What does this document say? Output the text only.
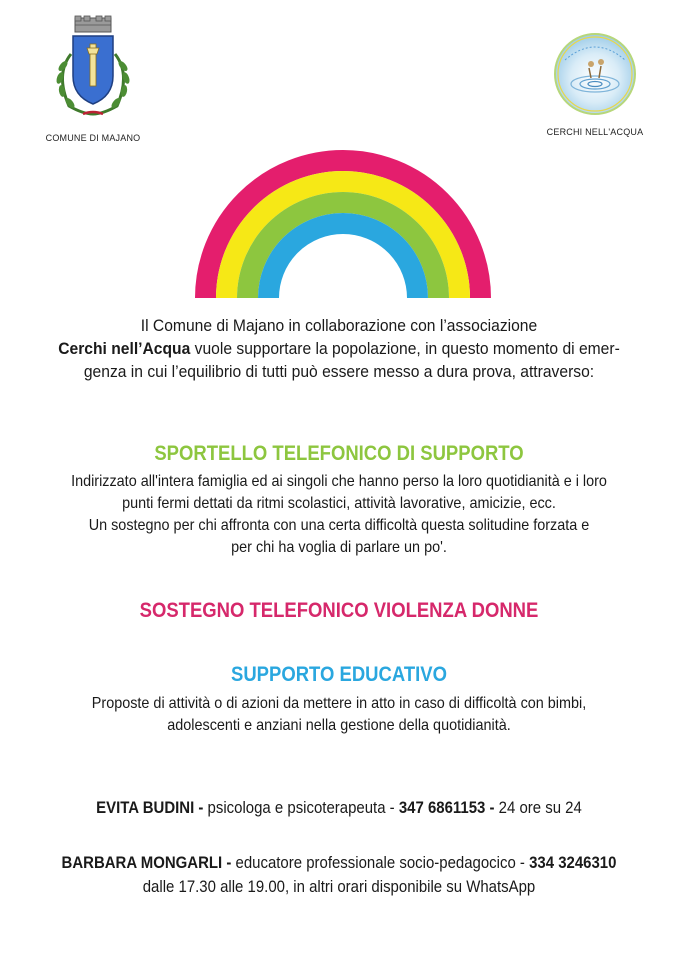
COMUNE DI MAJANO
CERCHI NELL'ACQUA
Il Comune di Majano in collaborazione con l’associazione
Cerchi nell’Acqua vuole supportare la popolazione, in questo momento di emer-
genza in cui l’equilibrio di tutti può essere messo a dura prova, attraverso:
SPORTELLO TELEFONICO DI SUPPORTO
Indirizzato all'intera famiglia ed ai singoli che hanno perso la loro quotidianità e i loro
punti fermi dettati da ritmi scolastici, attività lavorative, amicizie, ecc.
Un sostegno per chi affronta con una certa difficoltà questa solitudine forzata e
per chi ha voglia di parlare un po'.
SOSTEGNO TELEFONICO VIOLENZA DONNE
SUPPORTO EDUCATIVO
Proposte di attività o di azioni da mettere in atto in caso di difficoltà con bimbi,
adolescenti e anziani nella gestione della quotidianità.
EVITA BUDINI - psicologa e psicoterapeuta - 347 6861153 - 24 ore su 24
BARBARA MONGARLI - educatore professionale socio-pedagocico - 334 3246310
dalle 17.30 alle 19.00, in altri orari disponibile su WhatsApp
